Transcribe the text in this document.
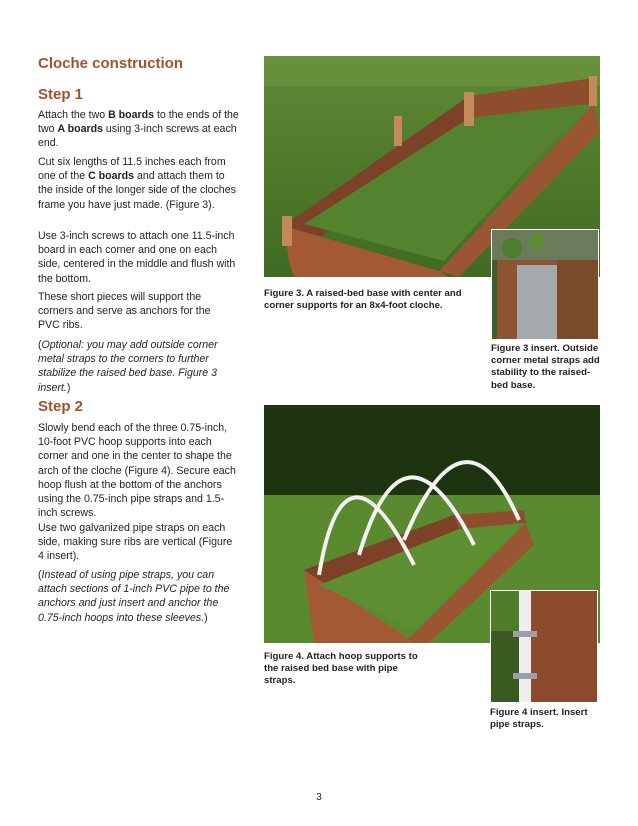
Cloche construction
Step 1
Attach the two B boards to the ends of the two A boards using 3-inch screws at each end.
Cut six lengths of 11.5 inches each from one of the C boards and attach them to the inside of the longer side of the cloches frame you have just made. (Figure 3).
Use 3-inch screws to attach one 11.5-inch board in each corner and one on each side, centered in the middle and flush with the bottom.
These short pieces will support the corners and serve as anchors for the PVC ribs.
(Optional: you may add outside corner metal straps to the corners to further stabilize the raised bed base. Figure 3 insert.)
Step 2
Slowly bend each of the three 0.75-inch, 10-foot PVC hoop supports into each corner and one in the center to shape the arch of the cloche (Figure 4). Secure each hoop flush at the bottom of the anchors using the 0.75-inch pipe straps and 1.5-inch screws.
Use two galvanized pipe straps on each side, making sure ribs are vertical (Figure 4 insert).
(Instead of using pipe straps, you can attach sections of 1-inch PVC pipe to the anchors and just insert and anchor the 0.75-inch hoops into these sleeves.)
Figure 3. A raised-bed base with center and corner supports for an 8x4-foot cloche.
Figure 3 insert. Outside corner metal straps add stability to the raised-bed base.
Figure 4. Attach hoop supports to the raised bed base with pipe straps.
Figure 4 insert. Insert pipe straps.
3
